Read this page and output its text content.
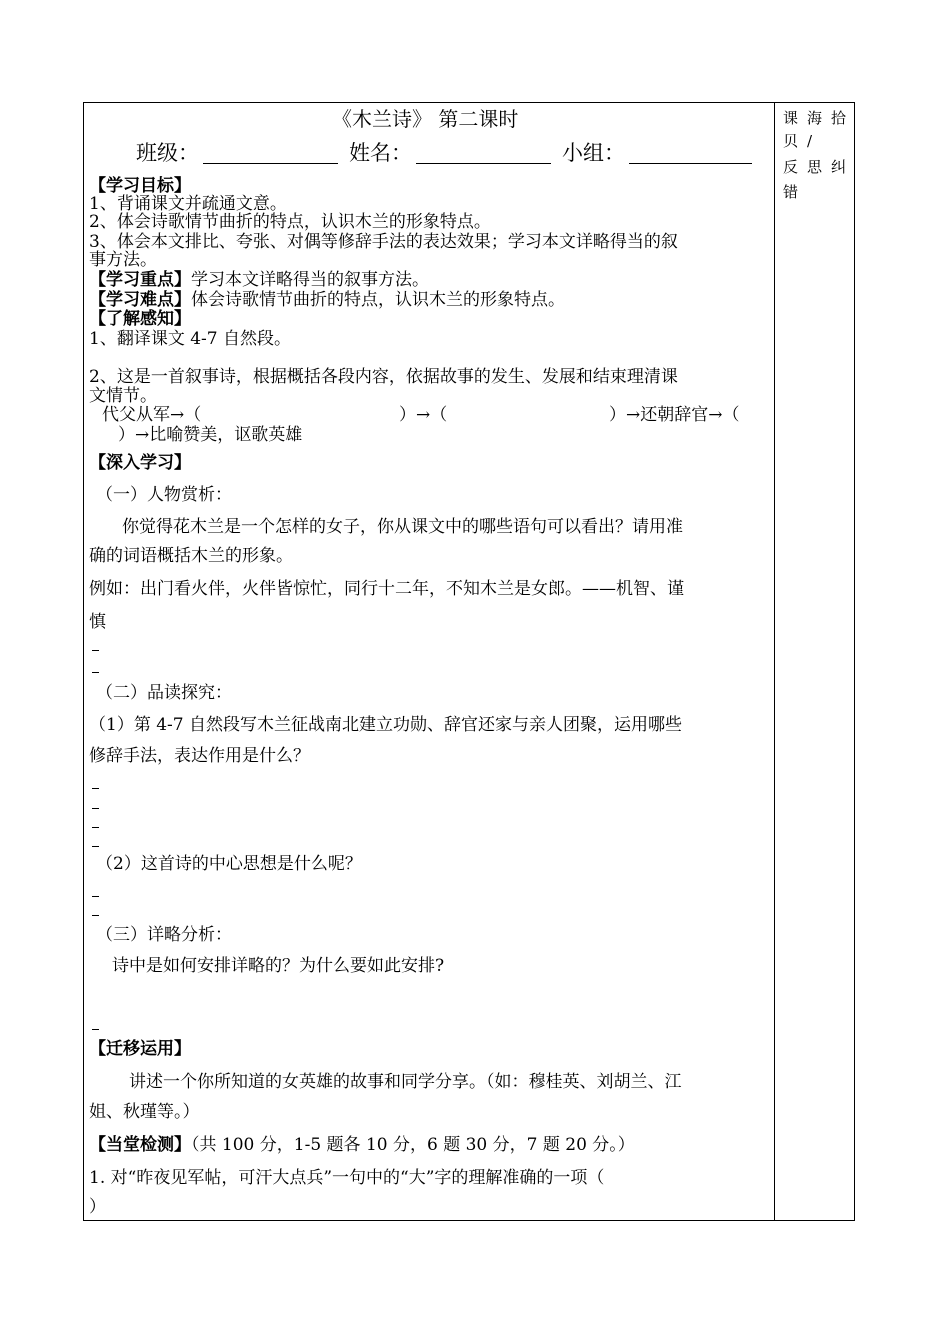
《木兰诗》 第二课时
班级：	姓名：	小组：
【学习目标】
1、背诵课文并疏通文意。
2、体会诗歌情节曲折的特点，认识木兰的形象特点。
3、体会本文排比、夸张、对偶等修辞手法的表达效果；学习本文详略得当的叙
事方法。
【学习重点】学习本文详略得当的叙事方法。
【学习难点】体会诗歌情节曲折的特点，认识木兰的形象特点。
【了解感知】
1、翻译课文 4-7 自然段。
2、这是一首叙事诗，根据概括各段内容，依据故事的发生、发展和结束理清课
文情节。
代父从军→（	）→（	）→还朝辞官→（
）→比喻赞美，讴歌英雄
【深入学习】
（一）人物赏析：
你觉得花木兰是一个怎样的女子，你从课文中的哪些语句可以看出？请用准
确的词语概括木兰的形象。
例如：出门看火伴，火伴皆惊忙，同行十二年，不知木兰是女郎。——机智、谨
慎
（二）品读探究：
（1）第 4-7 自然段写木兰征战南北建立功勋、辞官还家与亲人团聚，运用哪些
修辞手法，表达作用是什么？
（2）这首诗的中心思想是什么呢？
（三）详略分析：
诗中是如何安排详略的？为什么要如此安排?
【迁移运用】
讲述一个你所知道的女英雄的故事和同学分享。（如：穆桂英、刘胡兰、江
姐、秋瑾等。）
【当堂检测】（共 100 分，1-5 题各 10 分，6 题 30 分，7 题 20 分。）
1. 对“昨夜见军帖，可汗大点兵”一句中的“大”字的理解准确的一项（
）
课海拾
贝/
反思纠
错
